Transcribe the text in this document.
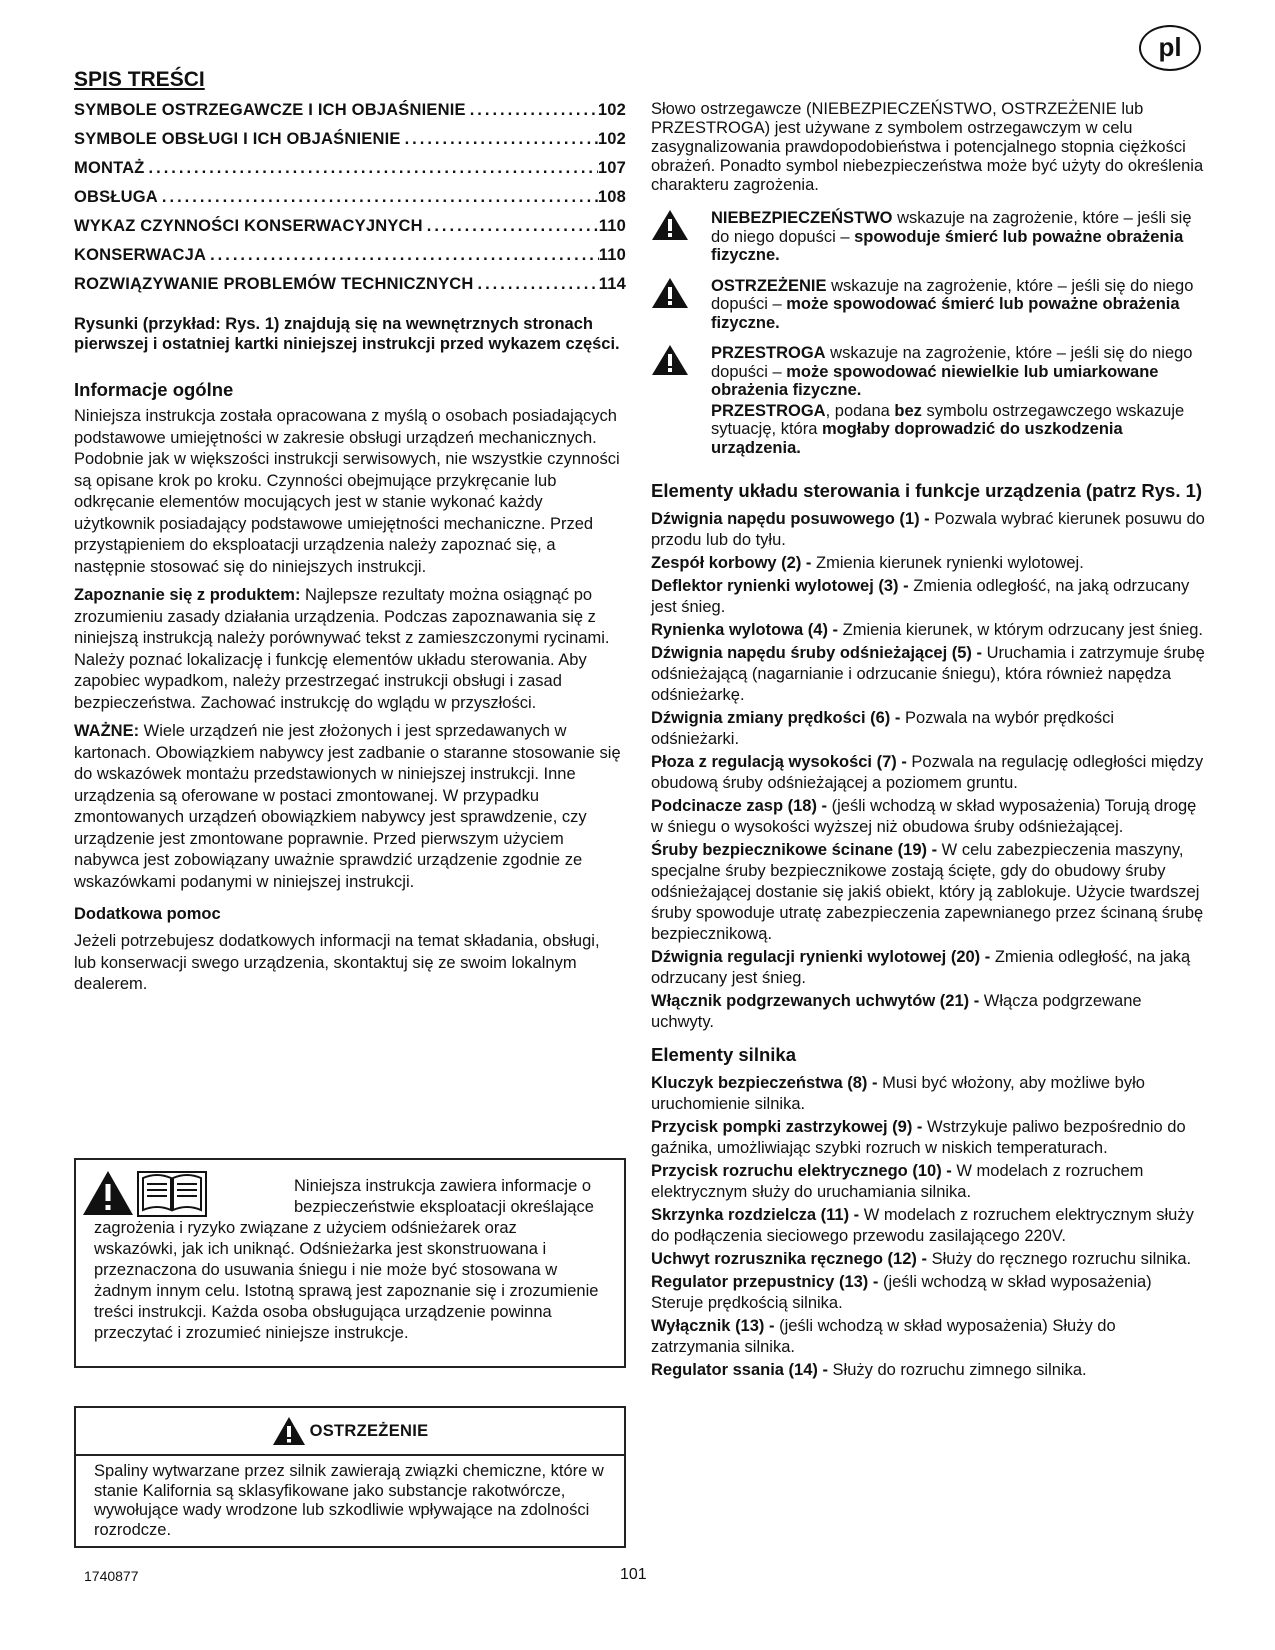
pl
SPIS TREŚCI
SYMBOLE OSTRZEGAWCZE I ICH OBJAŚNIENIE .....	102
SYMBOLE OBSŁUGI I ICH OBJAŚNIENIE .....	102
MONTAŻ .....	107
OBSŁUGA .....	108
WYKAZ CZYNNOŚCI KONSERWACYJNYCH .....	110
KONSERWACJA .....	110
ROZWIĄZYWANIE PROBLEMÓW TECHNICZNYCH .....	114
Rysunki (przykład: Rys. 1) znajdują się na wewnętrznych stronach pierwszej i ostatniej kartki niniejszej instrukcji przed wykazem części.
Informacje ogólne

Niniejsza instrukcja została opracowana z myślą o osobach posiadających podstawowe umiejętności w zakresie obsługi urządzeń mechanicznych. Podobnie jak w większości instrukcji serwisowych, nie wszystkie czynności są opisane krok po kroku. Czynności obejmujące przykręcanie lub odkręcanie elementów mocujących jest w stanie wykonać każdy użytkownik posiadający podstawowe umiejętności mechaniczne. Przed przystąpieniem do eksploatacji urządzenia należy zapoznać się, a następnie stosować się do niniejszych instrukcji.

Zapoznanie się z produktem: Najlepsze rezultaty można osiągnąć po zrozumieniu zasady działania urządzenia. Podczas zapoznawania się z niniejszą instrukcją należy porównywać tekst z zamieszczonymi rycinami. Należy poznać lokalizację i funkcję elementów układu sterowania. Aby zapobiec wypadkom, należy przestrzegać instrukcji obsługi i zasad bezpieczeństwa. Zachować instrukcję do wglądu w przyszłości.

WAŻNE: Wiele urządzeń nie jest złożonych i jest sprzedawanych w kartonach. Obowiązkiem nabywcy jest zadbanie o staranne stosowanie się do wskazówek montażu przedstawionych w niniejszej instrukcji. Inne urządzenia są oferowane w postaci zmontowanej. W przypadku zmontowanych urządzeń obowiązkiem nabywcy jest sprawdzenie, czy urządzenie jest zmontowane poprawnie. Przed pierwszym użyciem nabywca jest zobowiązany uważnie sprawdzić urządzenie zgodnie ze wskazówkami podanymi w niniejszej instrukcji.

Dodatkowa pomoc

Jeżeli potrzebujesz dodatkowych informacji na temat składania, obsługi, lub konserwacji swego urządzenia, skontaktuj się ze swoim lokalnym dealerem.

Niniejsza instrukcja zawiera informacje o
bezpieczeństwie eksploatacji określające
zagrożenia i ryzyko związane z użyciem odśnieżarek oraz wskazówki, jak ich uniknąć. Odśnieżarka jest skonstruowana i przeznaczona do usuwania śniegu i nie może być stosowana w żadnym innym celu. Istotną sprawą jest zapoznanie się i zrozumienie treści instrukcji. Każda osoba obsługująca urządzenie powinna przeczytać i zrozumieć niniejsze instrukcje.
OSTRZEŻENIE
Spaliny wytwarzane przez silnik zawierają związki chemiczne, które w stanie Kalifornia są sklasyfikowane jako substancje rakotwórcze, wywołujące wady wrodzone lub szkodliwie wpływające na zdolności rozrodcze.

Słowo ostrzegawcze (NIEBEZPIECZEŃSTWO, OSTRZEŻENIE lub PRZESTROGA) jest używane z symbolem ostrzegawczym w celu zasygnalizowania prawdopodobieństwa i potencjalnego stopnia ciężkości obrażeń. Ponadto symbol niebezpieczeństwa może być użyty do określenia charakteru zagrożenia.

NIEBEZPIECZEŃSTWO wskazuje na zagrożenie, które – jeśli się do niego dopuści – spowoduje śmierć lub poważne obrażenia fizyczne.
OSTRZEŻENIE wskazuje na zagrożenie, które – jeśli się do niego dopuści – może spowodować śmierć lub poważne obrażenia fizyczne.
PRZESTROGA wskazuje na zagrożenie, które – jeśli się do niego dopuści – może spowodować niewielkie lub umiarkowane obrażenia fizyczne.
PRZESTROGA, podana bez symbolu ostrzegawczego wskazuje sytuację, która mogłaby doprowadzić do uszkodzenia urządzenia.
Elementy układu sterowania i funkcje urządzenia (patrz Rys. 1)

Dźwignia napędu posuwowego (1) - Pozwala wybrać kierunek posuwu do przodu lub do tyłu.

Zespół korbowy (2) - Zmienia kierunek rynienki wylotowej.

Deflektor rynienki wylotowej (3) - Zmienia odległość, na jaką odrzucany jest śnieg.

Rynienka wylotowa (4) - Zmienia kierunek, w którym odrzucany jest śnieg.

Dźwignia napędu śruby odśnieżającej (5) - Uruchamia i zatrzymuje śrubę odśnieżającą (nagarnianie i odrzucanie śniegu), która również napędza odśnieżarkę.

Dźwignia zmiany prędkości (6) - Pozwala na wybór prędkości odśnieżarki.

Płoza z regulacją wysokości (7) - Pozwala na regulację odległości między obudową śruby odśnieżającej a poziomem gruntu.

Podcinacze zasp (18) - (jeśli wchodzą w skład wyposażenia) Torują drogę w śniegu o wysokości wyższej niż obudowa śruby odśnieżającej.

Śruby bezpiecznikowe ścinane (19) - W celu zabezpieczenia maszyny, specjalne śruby bezpiecznikowe zostają ścięte, gdy do obudowy śruby odśnieżającej dostanie się jakiś obiekt, który ją zablokuje. Użycie twardszej śruby spowoduje utratę zabezpieczenia zapewnianego przez ścinaną śrubę bezpiecznikową.

Dźwignia regulacji rynienki wylotowej (20) - Zmienia odległość, na jaką odrzucany jest śnieg.

Włącznik podgrzewanych uchwytów (21) - Włącza podgrzewane uchwyty.

Elementy silnika

Kluczyk bezpieczeństwa (8) - Musi być włożony, aby możliwe było uruchomienie silnika.

Przycisk pompki zastrzykowej (9) - Wstrzykuje paliwo bezpośrednio do gaźnika, umożliwiając szybki rozruch w niskich temperaturach.

Przycisk rozruchu elektrycznego (10) - W modelach z rozruchem elektrycznym służy do uruchamiania silnika.

Skrzynka rozdzielcza (11) - W modelach z rozruchem elektrycznym służy do podłączenia sieciowego przewodu zasilającego 220V.

Uchwyt rozrusznika ręcznego (12) - Służy do ręcznego rozruchu silnika.

Regulator przepustnicy (13) - (jeśli wchodzą w skład wyposażenia) Steruje prędkością silnika.

Wyłącznik (13) - (jeśli wchodzą w skład wyposażenia) Służy do zatrzymania silnika.

Regulator ssania (14) - Służy do rozruchu zimnego silnika.

1740877	101
